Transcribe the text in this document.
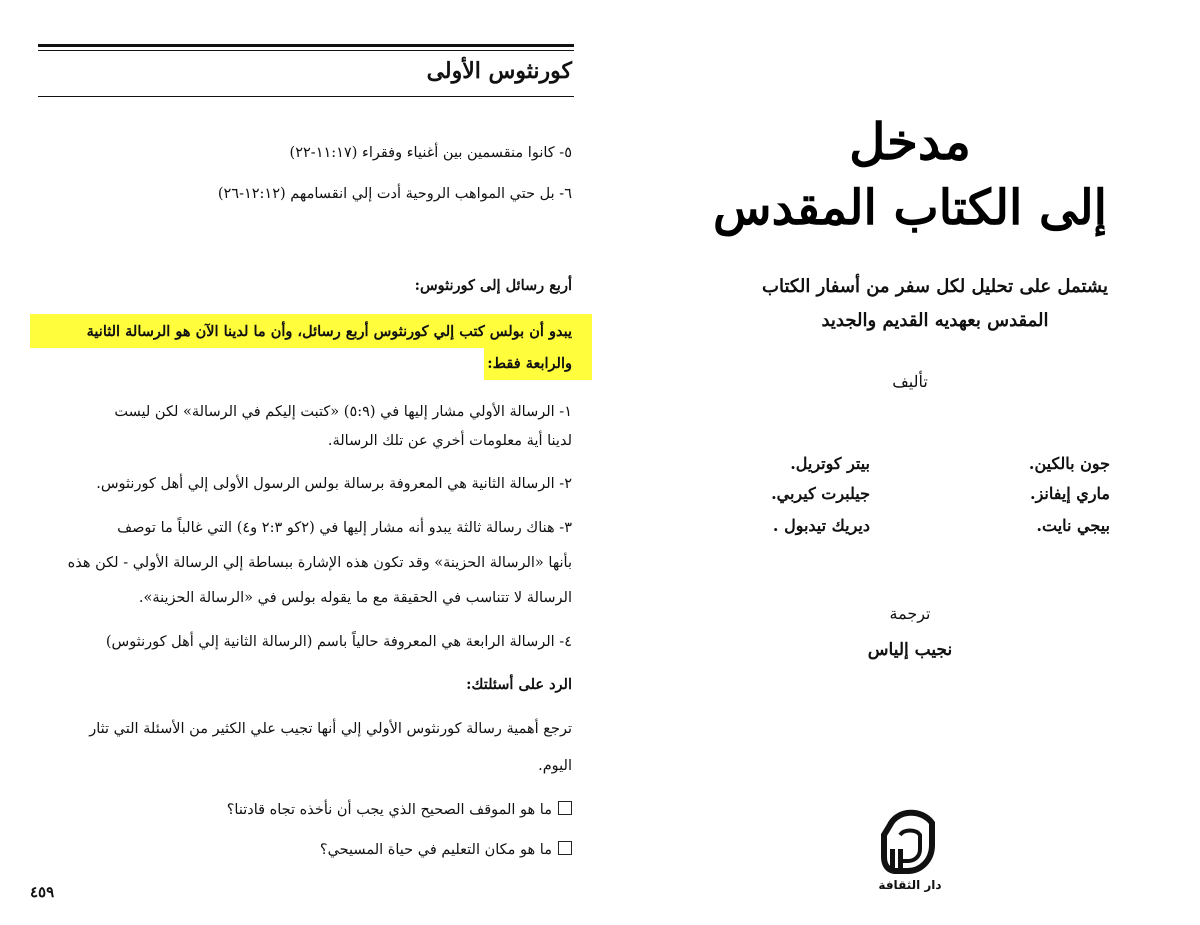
كورنثوس الأولى
٥- كانوا منقسمين بين أغنياء وفقراء (١١:١٧-٢٢)
٦- بل حتي المواهب الروحية أدت إلي انقسامهم (١٢:١٢-٢٦)
أربع رسائل إلى كورنثوس:
يبدو أن بولس كتب إلي كورنثوس أربع رسائل، وأن ما لدينا الآن هو الرسالة الثانية
والرابعة فقط:
١- الرسالة الأولي مشار إليها في (٥:٩) «كتبت إليكم في الرسالة» لكن ليست
لدينا أية معلومات أخري عن تلك الرسالة.
٢- الرسالة الثانية هي المعروفة برسالة بولس الرسول الأولى إلي أهل كورنثوس.
٣- هناك رسالة ثالثة يبدو أنه مشار إليها في (٢كو ٢:٣ و٤) التي غالباً ما توصف
بأنها «الرسالة الحزينة» وقد تكون هذه الإشارة ببساطة إلي الرسالة الأولي - لكن هذه
الرسالة لا تتناسب في الحقيقة مع ما يقوله بولس في «الرسالة الحزينة».
٤- الرسالة الرابعة هي المعروفة حالياً باسم (الرسالة الثانية إلي أهل كورنثوس)
الرد على أسئلتك:
ترجع أهمية رسالة كورنثوس الأولي إلي أنها تجيب علي الكثير من الأسئلة التي تثار
اليوم.
ما هو الموقف الصحيح الذي يجب أن نأخذه تجاه قادتنا؟
ما هو مكان التعليم في حياة المسيحي؟
٤٥٩
مدخل
إلى الكتاب المقدس
يشتمل على تحليل لكل سفر من أسفار الكتاب
المقدس بعهديه القديم والجديد
تأليف
جون بالكين.
ماري إيفانز.
بيجي نايت.
بيتر كوتريل.
جيلبرت كيربي.
ديريك تيدبول .
ترجمة
نجيب إلياس
دار الثقافة
